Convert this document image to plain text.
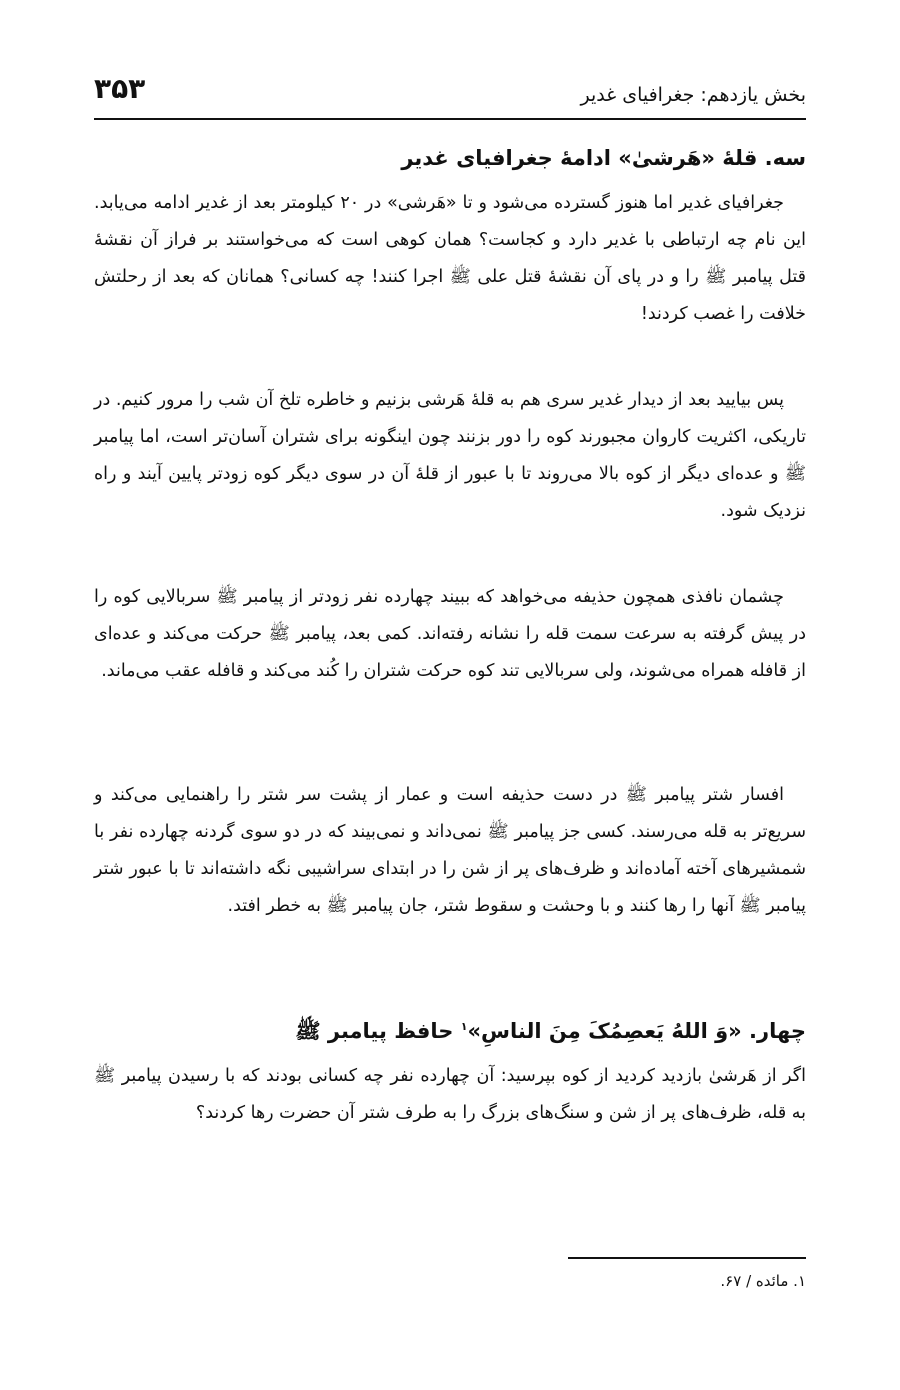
بخش یازدهم: جغرافیای غدیر
۳۵۳
سه. قلهٔ «هَرشیٰ» ادامهٔ جغرافیای غدیر

جغرافیای غدیر اما هنوز گسترده می‌شود و تا «هَرشی» در ۲۰ کیلومتر بعد از غدیر ادامه می‌یابد. این نام چه ارتباطی با غدیر دارد و کجاست؟ همان کوهی است که می‌خواستند بر فراز آن نقشهٔ قتل پیامبر ﷺ را و در پای آن نقشهٔ قتل علی ﷺ اجرا کنند! چه کسانی؟ همانان که بعد از رحلتش خلافت را غصب کردند!

پس بیایید بعد از دیدار غدیر سری هم به قلهٔ هَرشی بزنیم و خاطره تلخ آن شب را مرور کنیم. در تاریکی، اکثریت کاروان مجبورند کوه را دور بزنند چون اینگونه برای شتران آسان‌تر است، اما پیامبر ﷺ و عده‌ای دیگر از کوه بالا می‌روند تا با عبور از قلهٔ آن در سوی دیگر کوه زودتر پایین آیند و راه نزدیک شود.

چشمان نافذی همچون حذیفه می‌خواهد که ببیند چهارده نفر زودتر از پیامبر ﷺ سربالایی کوه را در پیش گرفته به سرعت سمت قله را نشانه رفته‌اند. کمی بعد، پیامبر ﷺ حرکت می‌کند و عده‌ای از قافله همراه می‌شوند، ولی سربالایی تند کوه حرکت شتران را کُند می‌کند و قافله عقب می‌ماند.

افسار شتر پیامبر ﷺ در دست حذیفه است و عمار از پشت سر شتر را راهنمایی می‌کند و سریع‌تر به قله می‌رسند. کسی جز پیامبر ﷺ نمی‌داند و نمی‌بیند که در دو سوی گردنه چهارده نفر با شمشیرهای آخته آماده‌اند و ظرف‌های پر از شن را در ابتدای سراشیبی نگه داشته‌اند تا با عبور شتر پیامبر ﷺ آنها را رها کنند و با وحشت و سقوط شتر، جان پیامبر ﷺ به خطر افتد.

چهار. «وَ اللهُ یَعصِمُکَ مِنَ الناسِ»$^۱$ حافظ پیامبر ﷺ

اگر از هَرشیٰ بازدید کردید از کوه بپرسید: آن چهارده نفر چه کسانی بودند که با رسیدن پیامبر ﷺ به قله، ظرف‌های پر از شن و سنگ‌های بزرگ را به طرف شتر آن حضرت رها کردند؟

۱. مائده / ۶۷.
